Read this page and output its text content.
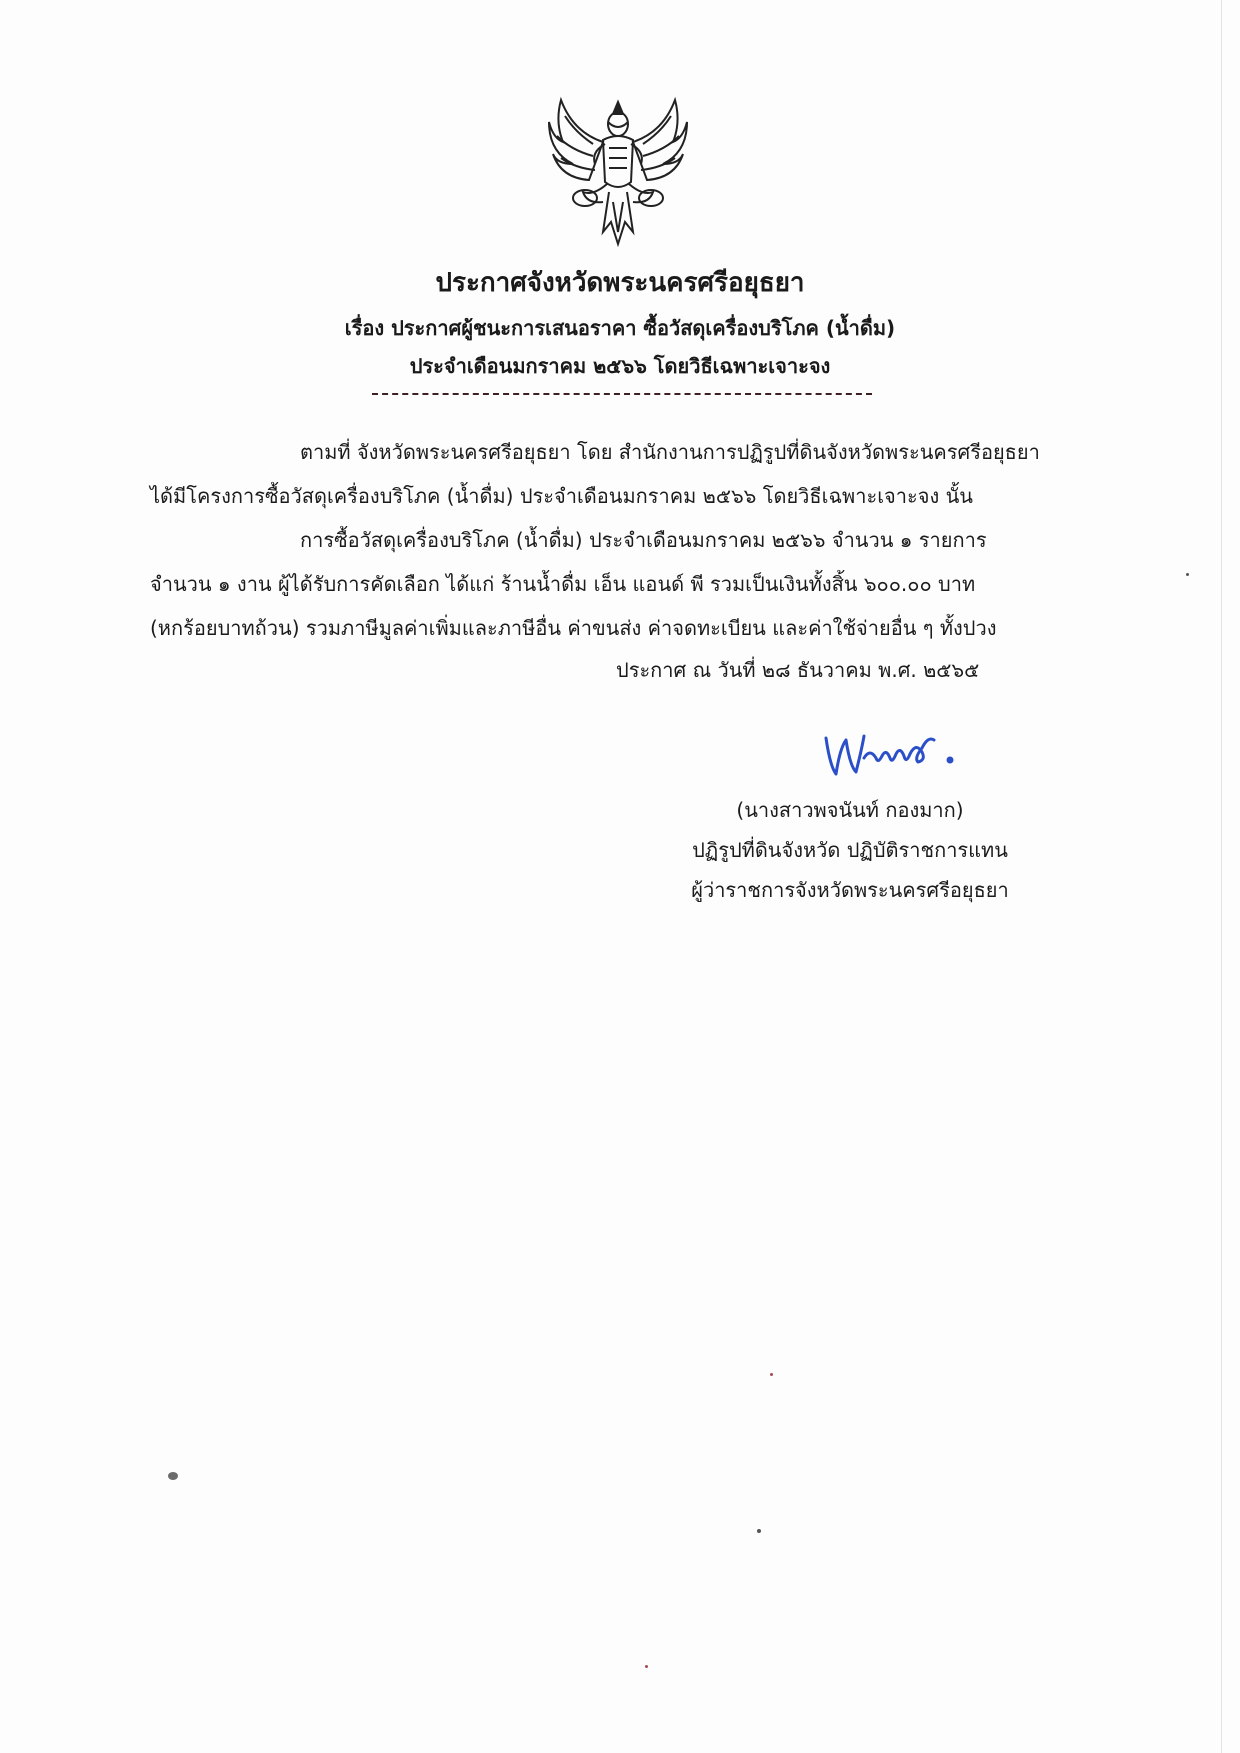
ประกาศจังหวัดพระนครศรีอยุธยา
เรื่อง ประกาศผู้ชนะการเสนอราคา ซื้อวัสดุเครื่องบริโภค (น้ำดื่ม)
ประจำเดือนมกราคม ๒๕๖๖ โดยวิธีเฉพาะเจาะจง
ตามที่ จังหวัดพระนครศรีอยุธยา โดย สำนักงานการปฏิรูปที่ดินจังหวัดพระนครศรีอยุธยา
ได้มีโครงการซื้อวัสดุเครื่องบริโภค (น้ำดื่ม) ประจำเดือนมกราคม ๒๕๖๖ โดยวิธีเฉพาะเจาะจง นั้น
การซื้อวัสดุเครื่องบริโภค (น้ำดื่ม) ประจำเดือนมกราคม ๒๕๖๖ จำนวน ๑ รายการ
จำนวน ๑ งาน ผู้ได้รับการคัดเลือก ได้แก่ ร้านน้ำดื่ม เอ็น แอนด์ พี รวมเป็นเงินทั้งสิ้น ๖๐๐.๐๐ บาท
(หกร้อยบาทถ้วน) รวมภาษีมูลค่าเพิ่มและภาษีอื่น ค่าขนส่ง ค่าจดทะเบียน และค่าใช้จ่ายอื่น ๆ ทั้งปวง
ประกาศ ณ วันที่ ๒๘ ธันวาคม พ.ศ. ๒๕๖๕
(นางสาวพจนันท์ กองมาก)
ปฏิรูปที่ดินจังหวัด ปฏิบัติราชการแทน
ผู้ว่าราชการจังหวัดพระนครศรีอยุธยา
